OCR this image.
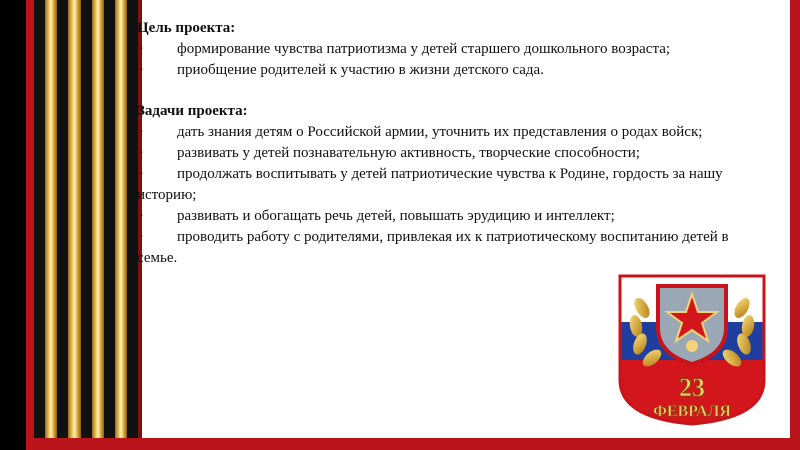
Цель проекта:
· формирование чувства патриотизма у детей старшего дошкольного возраста;
· приобщение родителей к участию в жизни детского сада.
Задачи проекта:
· дать знания детям о Российской армии, уточнить их представления о родах войск;
· развивать у детей познавательную активность, творческие способности;
· продолжать воспитывать у детей патриотические чувства к Родине, гордость за нашу историю;
· развивать и обогащать речь детей, повышать эрудицию и интеллект;
· проводить работу с родителями, привлекая их к патриотическому воспитанию детей в семье.
23
ФЕВРАЛЯ
